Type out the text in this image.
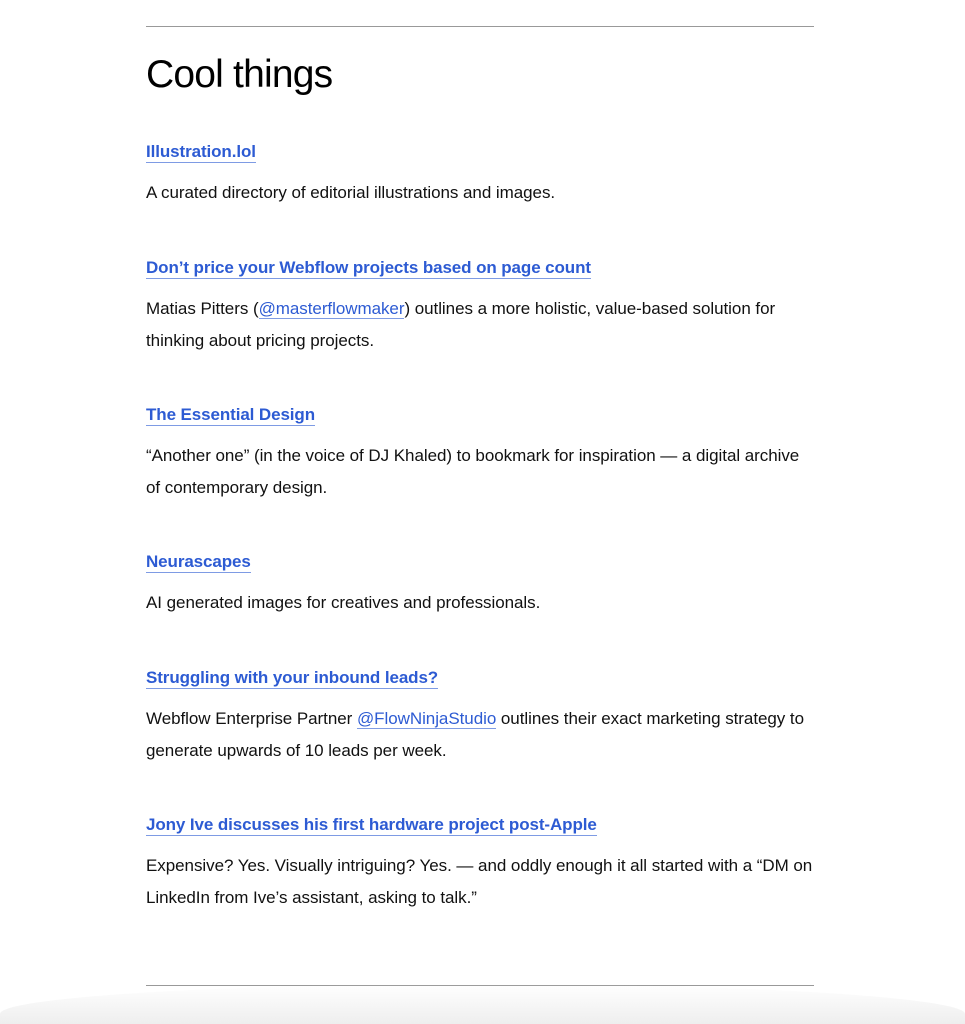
Cool things
Illustration.lol

A curated directory of editorial illustrations and images.

Don’t price your Webflow projects based on page count

Matias Pitters (@masterflowmaker) outlines a more holistic, value-based solution for thinking about pricing projects.

The Essential Design

“Another one” (in the voice of DJ Khaled) to bookmark for inspiration — a digital archive of contemporary design.

Neurascapes

AI generated images for creatives and professionals.

Struggling with your inbound leads?

Webflow Enterprise Partner @FlowNinjaStudio outlines their exact marketing strategy to generate upwards of 10 leads per week.

Jony Ive discusses his first hardware project post-Apple

Expensive? Yes. Visually intriguing? Yes. — and oddly enough it all started with a “DM on LinkedIn from Ive’s assistant, asking to talk.”
